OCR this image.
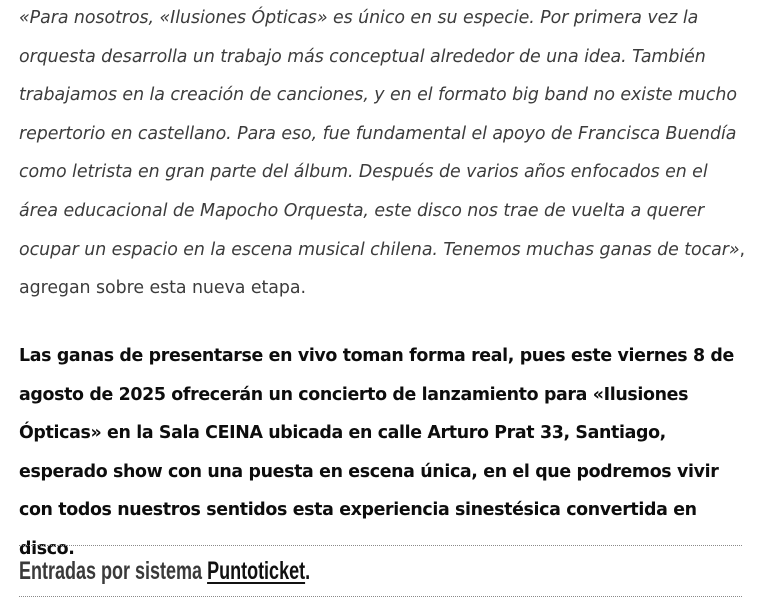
«Para nosotros, «Ilusiones Ópticas» es único en su especie. Por primera vez la orquesta desarrolla un trabajo más conceptual alrededor de una idea. También trabajamos en la creación de canciones, y en el formato big band no existe mucho repertorio en castellano. Para eso, fue fundamental el apoyo de Francisca Buendía como letrista en gran parte del álbum. Después de varios años enfocados en el área educacional de Mapocho Orquesta, este disco nos trae de vuelta a querer ocupar un espacio en la escena musical chilena. Tenemos muchas ganas de tocar», agregan sobre esta nueva etapa.

Las ganas de presentarse en vivo toman forma real, pues este viernes 8 de agosto de 2025 ofrecerán un concierto de lanzamiento para «Ilusiones Ópticas» en la Sala CEINA ubicada en calle Arturo Prat 33, Santiago, esperado show con una puesta en escena única, en el que podremos vivir con todos nuestros sentidos esta experiencia sinestésica convertida en disco.

Entradas por sistema Puntoticket.
